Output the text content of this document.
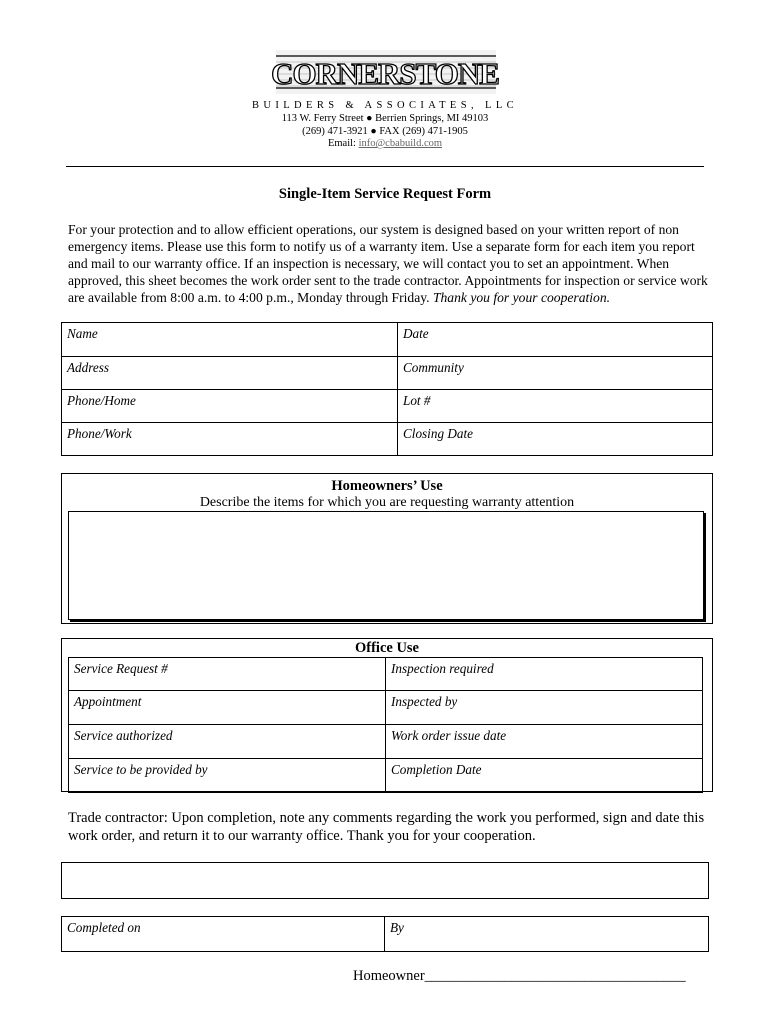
CORNERSTONE
BUILDERS & ASSOCIATES, LLC
113 W. Ferry Street ● Berrien Springs, MI 49103
(269) 471-3921 ● FAX (269) 471-1905
Email: info@cbabuild.com
Single-Item Service Request Form
For your protection and to allow efficient operations, our system is designed based on your written report of non emergency items. Please use this form to notify us of a warranty item. Use a separate form for each item you report and mail to our warranty office. If an inspection is necessary, we will contact you to set an appointment. When approved, this sheet becomes the work order sent to the trade contractor. Appointments for inspection or service work are available from 8:00 a.m. to 4:00 p.m., Monday through Friday. Thank you for your cooperation.
Name	Date
Address	Community
Phone/Home	Lot #
Phone/Work	Closing Date
Homeowners’ Use
Describe the items for which you are requesting warranty attention
Office Use
Service Request #	Inspection required
Appointment	Inspected by
Service authorized	Work order issue date
Service to be provided by	Completion Date
Trade contractor: Upon completion, note any comments regarding the work you performed, sign and date this work order, and return it to our warranty office. Thank you for your cooperation.
Completed on	By
Homeowner____________________________________
